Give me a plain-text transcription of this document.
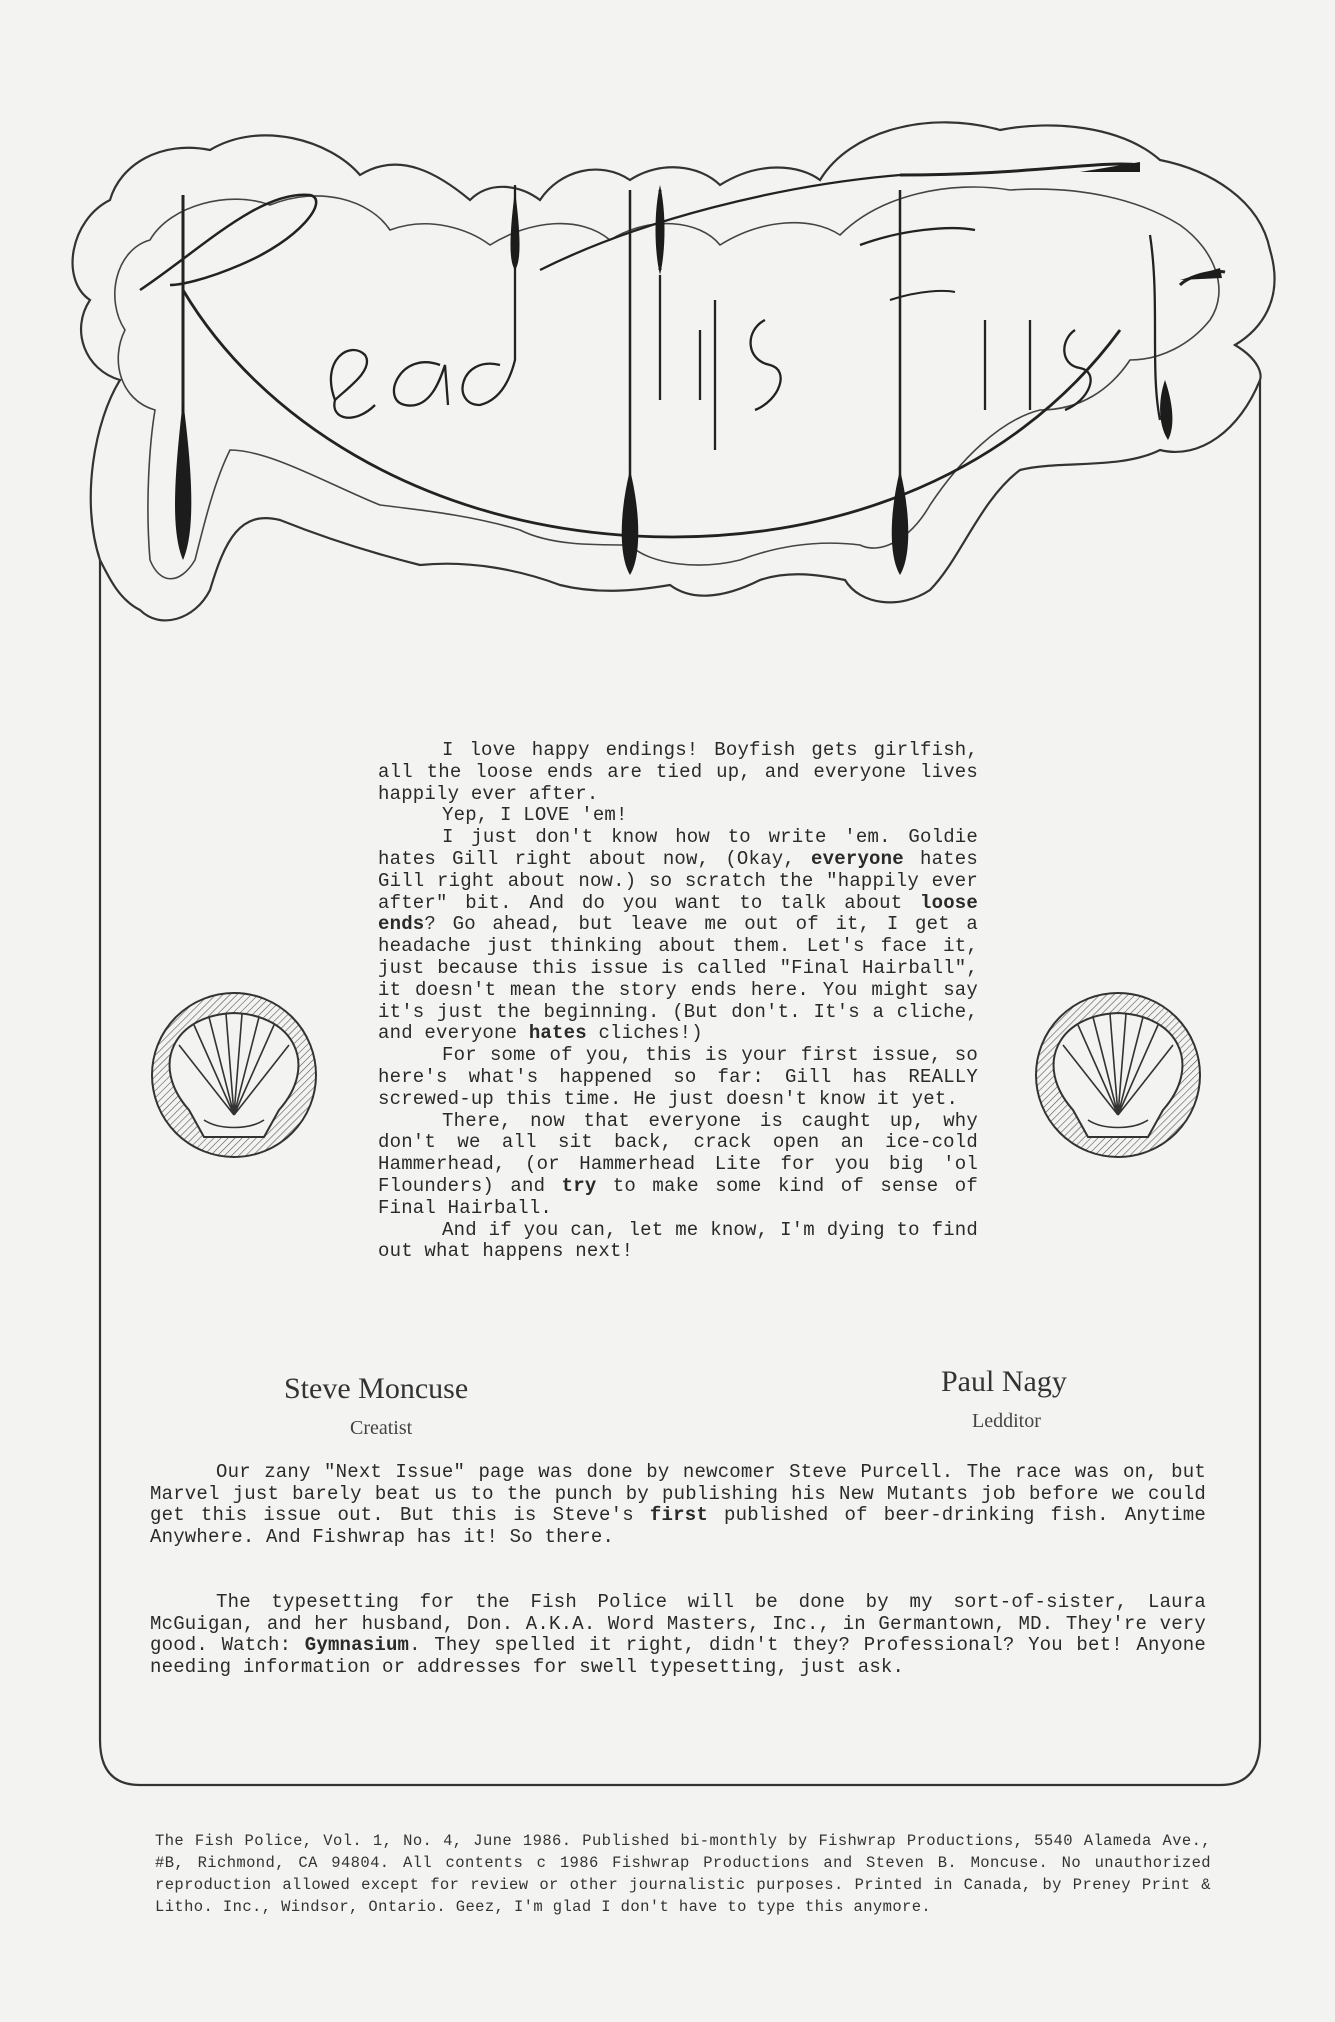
I love happy endings! Boyfish gets girlfish, all the loose ends are tied up, and everyone lives happily ever after.

Yep, I LOVE 'em!

I just don't know how to write 'em. Goldie hates Gill right about now, (Okay, everyone hates Gill right about now.) so scratch the "happily ever after" bit. And do you want to talk about loose ends? Go ahead, but leave me out of it, I get a headache just thinking about them. Let's face it, just because this issue is called "Final Hairball", it doesn't mean the story ends here. You might say it's just the beginning. (But don't. It's a cliche, and everyone hates cliches!)

For some of you, this is your first issue, so here's what's happened so far: Gill has REALLY screwed-up this time. He just doesn't know it yet.

There, now that everyone is caught up, why don't we all sit back, crack open an ice-cold Hammerhead, (or Hammerhead Lite for you big 'ol Flounders) and try to make some kind of sense of Final Hairball.

And if you can, let me know, I'm dying to find out what happens next!

Steve Moncuse
Creatist
Paul Nagy
Ledditor

Our zany "Next Issue" page was done by newcomer Steve Purcell. The race was on, but Marvel just barely beat us to the punch by publishing his New Mutants job before we could get this issue out. But this is Steve's first published of beer-drinking fish. Anytime Anywhere. And Fishwrap has it! So there.

The typesetting for the Fish Police will be done by my sort-of-sister, Laura McGuigan, and her husband, Don. A.K.A. Word Masters, Inc., in Germantown, MD. They're very good. Watch: Gymnasium. They spelled it right, didn't they? Professional? You bet! Anyone needing information or addresses for swell typesetting, just ask.

The Fish Police, Vol. 1, No. 4, June 1986. Published bi-monthly by Fishwrap Productions, 5540 Alameda Ave., #B, Richmond, CA 94804. All contents c 1986 Fishwrap Productions and Steven B. Moncuse. No unauthorized reproduction allowed except for review or other journalistic purposes. Printed in Canada, by Preney Print & Litho. Inc., Windsor, Ontario. Geez, I'm glad I don't have to type this anymore.
